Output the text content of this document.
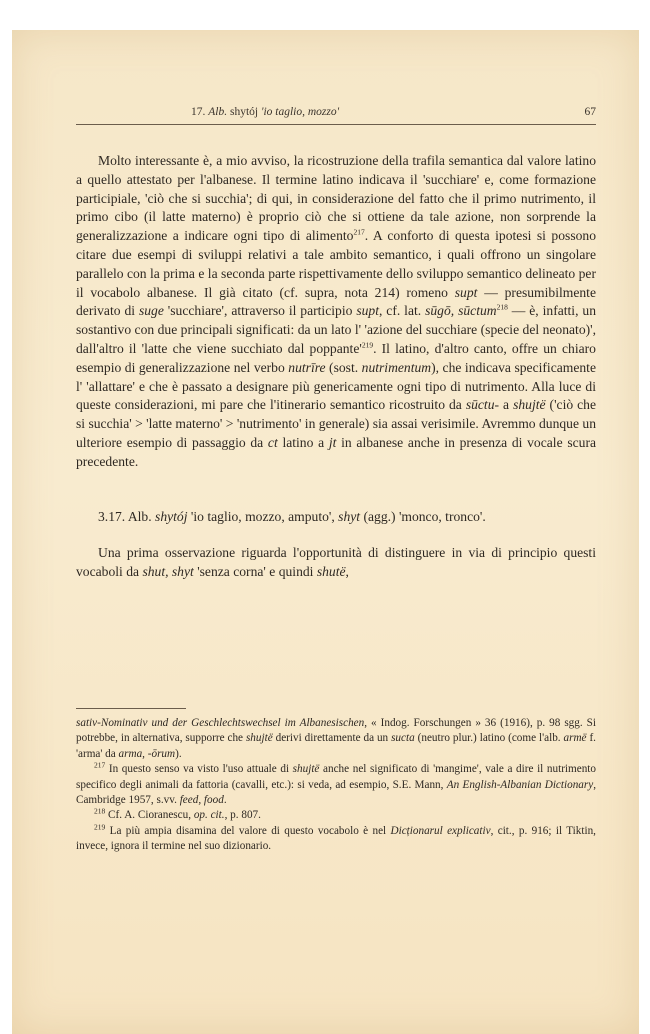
17. Alb. shytój 'io taglio, mozzo'	67

Molto interessante è, a mio avviso, la ricostruzione della trafila semantica dal valore latino a quello attestato per l'albanese. Il termine latino indicava il 'succhiare' e, come formazione participiale, 'ciò che si succhia'; di qui, in considerazione del fatto che il primo nutrimento, il primo cibo (il latte materno) è proprio ciò che si ottiene da tale azione, non sorprende la generalizzazione a indicare ogni tipo di alimento$^{217}$. A conforto di questa ipotesi si possono citare due esempi di sviluppi relativi a tale ambito semantico, i quali offrono un singolare parallelo con la prima e la seconda parte rispettivamente dello sviluppo semantico delineato per il vocabolo albanese. Il già citato (cf. supra, nota 214) romeno supt — presumibilmente derivato di suge 'succhiare', attraverso il participio supt, cf. lat. sūgō, sūctum$^{218}$ — è, infatti, un sostantivo con due principali significati: da un lato l' 'azione del succhiare (specie del neonato)', dall'altro il 'latte che viene succhiato dal $poppante'^{219}$. Il latino, d'altro canto, offre un chiaro esempio di generalizzazione nel verbo nutrīre (sost. nutrimentum), che indicava specificamente l' 'allattare' e che è passato a designare più genericamente ogni tipo di nutrimento. Alla luce di queste considerazioni, mi pare che l'itinerario semantico ricostruito da sūctu- a shujtë ('ciò che si succhia' > 'latte materno' > 'nutrimento' in generale) sia assai verisimile. Avremmo dunque un ulteriore esempio di passaggio da ct latino a jt in albanese anche in presenza di vocale scura precedente.

3.17. Alb. shytój 'io taglio, mozzo, amputo', shyt (agg.) 'monco, tronco'.

Una prima osservazione riguarda l'opportunità di distinguere in via di principio questi vocaboli da shut, shyt 'senza corna' e quindi shutë,

sativ-Nominativ und der Geschlechtswechsel im Albanesischen, « Indog. Forschungen » 36 (1916), p. 98 sgg. Si potrebbe, in alternativa, supporre che shujtë derivi direttamente da un sucta (neutro plur.) latino (come l'alb. armë f. 'arma' da arma, -ōrum).

$^{217}$ In questo senso va visto l'uso attuale di shujtë anche nel significato di 'mangime', vale a dire il nutrimento specifico degli animali da fattoria (cavalli, etc.): si veda, ad esempio, S.E. Mann, An English-Albanian Dictionary, Cambridge 1957, s.vv. feed, food.

$^{218}$ Cf. A. Cioranescu, op. cit., p. 807.

$^{219}$ La più ampia disamina del valore di questo vocabolo è nel Dicționarul explicativ, cit., p. 916; il Tiktin, invece, ignora il termine nel suo dizionario.
